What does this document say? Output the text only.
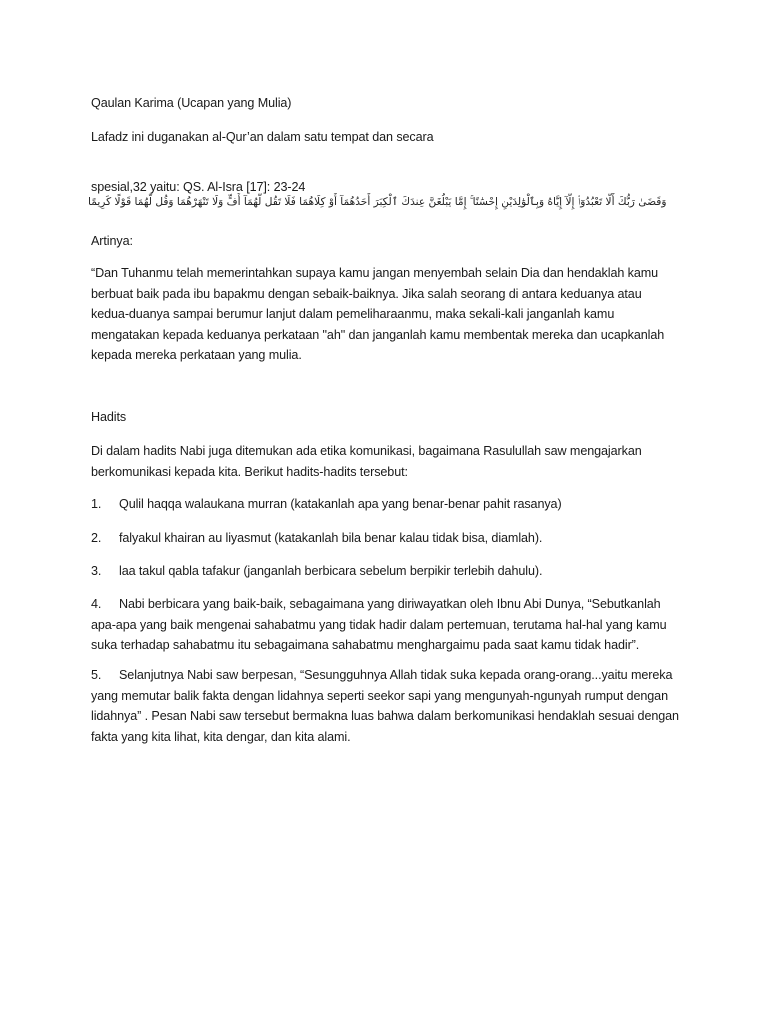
Qaulan Karima (Ucapan yang Mulia)

Lafadz ini duganakan al-Qur’an dalam satu tempat dan secara

spesial,32 yaitu: QS. Al-Isra [17]: 23-24

وَقَضَىٰ رَبُّكَ أَلَّا تَعْبُدُوٓا۟ إِلَّآ إِيَّاهُ وَبِٱلْوَٰلِدَيْنِ إِحْسَٰنًا ۚ إِمَّا يَبْلُغَنَّ عِندَكَ ٱلْكِبَرَ أَحَدُهُمَآ أَوْ كِلَاهُمَا فَلَا تَقُل لَّهُمَآ أُفٍّ وَلَا تَنْهَرْهُمَا وَقُل لَّهُمَا قَوْلًا كَرِيمًا

Artinya:

“Dan Tuhanmu telah memerintahkan supaya kamu jangan menyembah selain Dia dan hendaklah kamu berbuat baik pada ibu bapakmu dengan sebaik-baiknya. Jika salah seorang di antara keduanya atau kedua-duanya sampai berumur lanjut dalam pemeliharaanmu, maka sekali-kali janganlah kamu mengatakan kepada keduanya perkataan "ah" dan janganlah kamu membentak mereka dan ucapkanlah kepada mereka perkataan yang mulia.

Hadits

Di dalam hadits Nabi juga ditemukan ada etika komunikasi, bagaimana Rasulullah saw mengajarkan berkomunikasi kepada kita. Berikut hadits-hadits tersebut:

1. Qulil haqqa walaukana murran (katakanlah apa yang benar-benar pahit rasanya)

2. falyakul khairan au liyasmut (katakanlah bila benar kalau tidak bisa, diamlah).

3. laa takul qabla tafakur (janganlah berbicara sebelum berpikir terlebih dahulu).

4. Nabi berbicara yang baik-baik, sebagaimana yang diriwayatkan oleh Ibnu Abi Dunya, “Sebutkanlah apa-apa yang baik mengenai sahabatmu yang tidak hadir dalam pertemuan, terutama hal-hal yang kamu suka terhadap sahabatmu itu sebagaimana sahabatmu menghargaimu pada saat kamu tidak hadir”.

5. Selanjutnya Nabi saw berpesan, “Sesungguhnya Allah tidak suka kepada orang-orang...yaitu mereka yang memutar balik fakta dengan lidahnya seperti seekor sapi yang mengunyah-ngunyah rumput dengan lidahnya” . Pesan Nabi saw tersebut bermakna luas bahwa dalam berkomunikasi hendaklah sesuai dengan fakta yang kita lihat, kita dengar, dan kita alami.
